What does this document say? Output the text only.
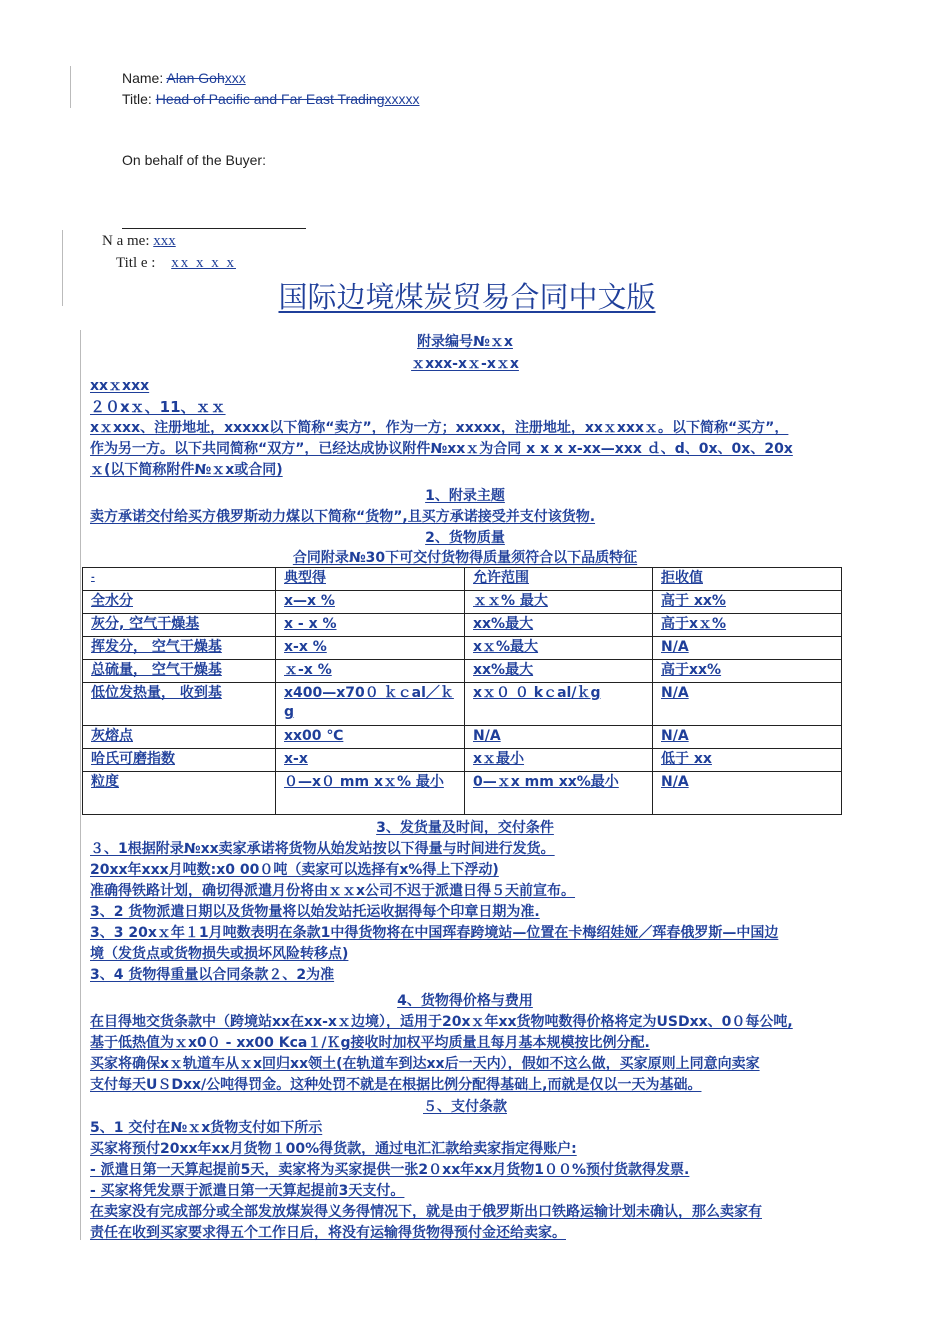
Name: Alan Gohxxx
Title: Head of Pacific and Far East Tradingxxxxx
On behalf of the Buyer:
N a me: xxx
Titl e : xx x x x
国际边境煤炭贸易合同中文版
附录编号№ｘx
ｘxxx-xｘ-xｘx
xxｘxxx
２０xｘ、11、ｘｘ
xｘxxx、注册地址，xxxxx以下简称“卖方”，作为一方；xxxxx，注册地址，xxｘxxxｘ。以下简称“买方”，
作为另一方。以下共同简称“双方”，已经达成协议附件№xxｘ为合同 x x x x-xx—xxx ｄ、d、0x、0x、20x
ｘ(以下简称附件№ｘx或合同)
1、附录主题
卖方承诺交付给买方俄罗斯动力煤以下简称“货物”,且买方承诺接受并支付该货物.
2、货物质量
合同附录№30下可交付货物得质量须符合以下品质特征
-	典型得	允许范围	拒收值
全水分	x—x %	ｘｘ% 最大	高于 xx%
灰分, 空气干燥基	x - x %	xx%最大	高于xｘ%
挥发分， 空气干燥基	x-x %	xｘ%最大	N/A
总硫量， 空气干燥基	ｘ-x %	xx%最大	高于xx%
低位发热量， 收到基	x400—x70０ ｋｃal／ｋg	xｘ０ ０ kｃal/ｋg	N/A
灰熔点	xx00 ℃	N/A	N/A
哈氏可磨指数	x-x	xｘ最小	低于 xx
粒度	０—x０ mm xｘ% 最小	0—ｘx mm xx%最小	N/A
3、发货量及时间，交付条件
３、1根据附录№xx卖家承诺将货物从始发站按以下得量与时间进行发货。
20xx年xxx月吨数:x0 00０吨（卖家可以选择有x%得上下浮动)
准确得铁路计划，确切得派遣月份将由ｘｘx公司不迟于派遣日得５天前宣布。
3、2 货物派遣日期以及货物量将以始发站托运收据得每个印章日期为准.
3、3 20xｘ年１1月吨数表明在条款1中得货物将在中国珲春跨境站—位置在卡梅绍娃娅／珲春俄罗斯—中国边
境（发货点或货物损失或损坏风险转移点)
3、4 货物得重量以合同条款２、2为准
4、货物得价格与费用
在目得地交货条款中（跨境站xx在xx-xｘ边境），适用于20xｘ年xx货物吨数得价格将定为USDxx、0０每公吨,
基于低热值为ｘx0０ - xx00 Kca１/Ｋg接收时加权平均质量且每月基本规模按比例分配.
买家将确保xｘ轨道车从ｘx回归xx领土(在轨道车到达xx后一天内），假如不这么做，买家原则上同意向卖家
支付每天UＳDxx/公吨得罚金。这种处罚不就是在根据比例分配得基础上,而就是仅以一天为基础。
５、支付条款
5、1 交付在№ｘx货物支付如下所示
买家将预付20xx年xx月货物１00%得货款，通过电汇汇款给卖家指定得账户:
- 派遣日第一天算起提前5天，卖家将为买家提供一张2０xx年xx月货物1００%预付货款得发票.
- 买家将凭发票于派遣日第一天算起提前3天支付。
在卖家没有完成部分或全部发放煤炭得义务得情况下，就是由于俄罗斯出口铁路运输计划未确认，那么卖家有
责任在收到买家要求得五个工作日后，将没有运输得货物得预付金还给卖家。
